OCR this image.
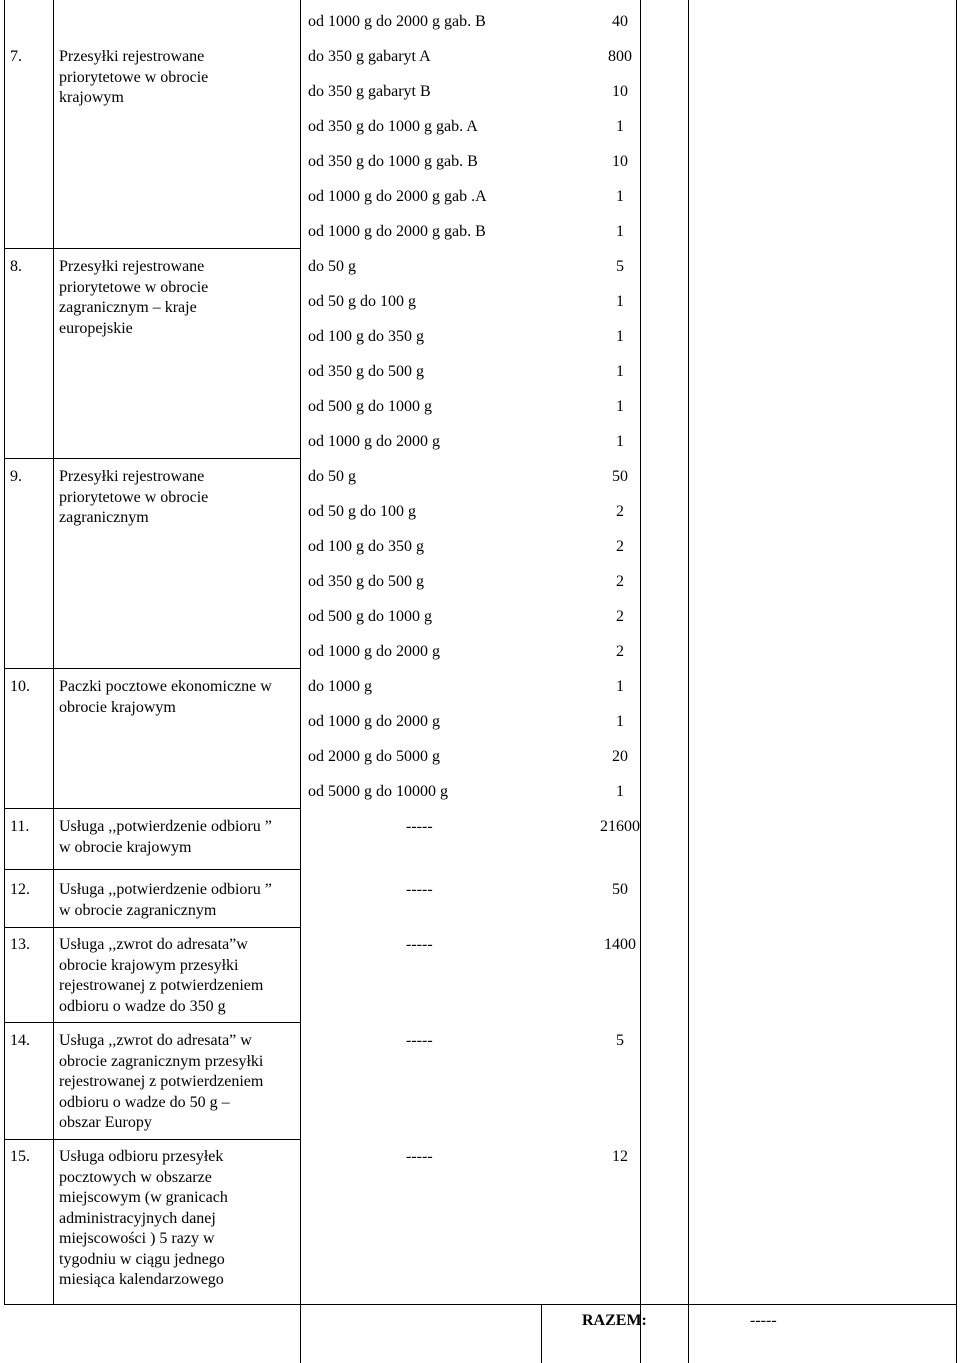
7. Przesyłki rejestrowane
priorytetowe w obrocie
krajowym
od 1000 g do 2000 g gab. B	40
do 350 g gabaryt A	800
do 350 g gabaryt B	10
od 350 g do 1000 g gab. A	1
od 350 g do 1000 g gab. B	10
od 1000 g do 2000 g gab .A	1
od 1000 g do 2000 g gab. B	1
8. Przesyłki rejestrowane
priorytetowe w obrocie
zagranicznym – kraje
europejskie
do 50 g	5
od 50 g do 100 g	1
od 100 g do 350 g	1
od 350 g do 500 g	1
od 500 g do 1000 g	1
od 1000 g do 2000 g	1
9. Przesyłki rejestrowane
priorytetowe w obrocie
zagranicznym
do 50 g	50
od 50 g do 100 g	2
od 100 g do 350 g	2
od 350 g do 500 g	2
od 500 g do 1000 g	2
od 1000 g do 2000 g	2
10. Paczki pocztowe ekonomiczne w
obrocie krajowym
do 1000 g	1
od 1000 g do 2000 g	1
od 2000 g do 5000 g	20
od 5000 g do 10000 g	1
11. Usługa ,,potwierdzenie odbioru ”
w obrocie krajowym
-----	21600
12. Usługa ,,potwierdzenie odbioru ”
w obrocie zagranicznym
-----	50
13. Usługa ,,zwrot do adresata”w
obrocie krajowym przesyłki
rejestrowanej z potwierdzeniem
odbioru o wadze do 350 g
-----	1400
14. Usługa ,,zwrot do adresata” w
obrocie zagranicznym przesyłki
rejestrowanej z potwierdzeniem
odbioru o wadze do 50 g –
obszar Europy
-----	5
15. Usługa odbioru przesyłek
pocztowych w obszarze
miejscowym (w granicach
administracyjnych danej
miejscowości ) 5 razy w
tygodniu w ciągu jednego
miesiąca kalendarzowego
-----	12
RAZEM:	-----
